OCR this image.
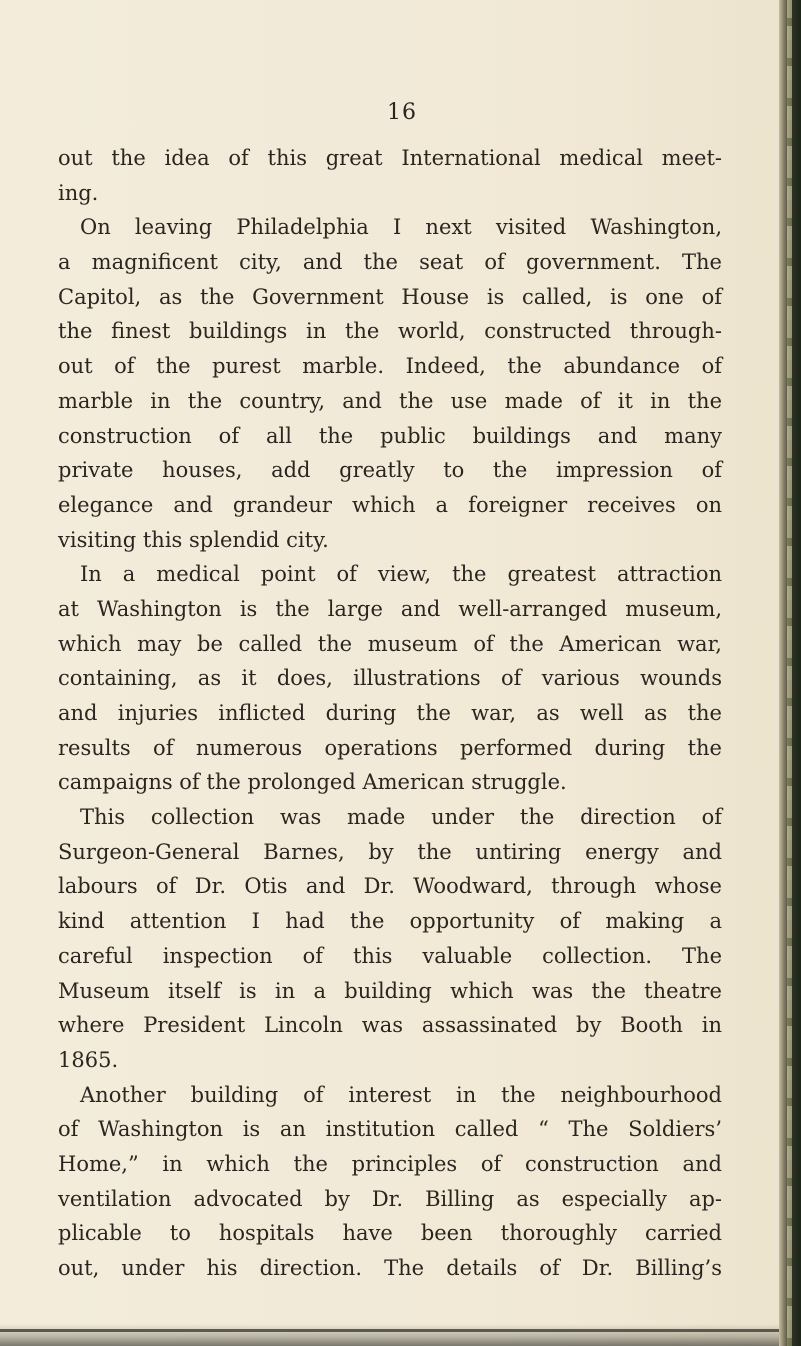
16
out the idea of this great International medical meet-
ing.
On leaving Philadelphia I next visited Washington,
a magnificent city, and the seat of government. The
Capitol, as the Government House is called, is one of
the finest buildings in the world, constructed through-
out of the purest marble. Indeed, the abundance of
marble in the country, and the use made of it in the
construction of all the public buildings and many
private houses, add greatly to the impression of
elegance and grandeur which a foreigner receives on
visiting this splendid city.
In a medical point of view, the greatest attraction
at Washington is the large and well-arranged museum,
which may be called the museum of the American war,
containing, as it does, illustrations of various wounds
and injuries inflicted during the war, as well as the
results of numerous operations performed during the
campaigns of the prolonged American struggle.
This collection was made under the direction of
Surgeon-General Barnes, by the untiring energy and
labours of Dr. Otis and Dr. Woodward, through whose
kind attention I had the opportunity of making a
careful inspection of this valuable collection. The
Museum itself is in a building which was the theatre
where President Lincoln was assassinated by Booth in
1865.
Another building of interest in the neighbourhood
of Washington is an institution called “ The Soldiers’
Home,” in which the principles of construction and
ventilation advocated by Dr. Billing as especially ap-
plicable to hospitals have been thoroughly carried
out, under his direction. The details of Dr. Billing’s
